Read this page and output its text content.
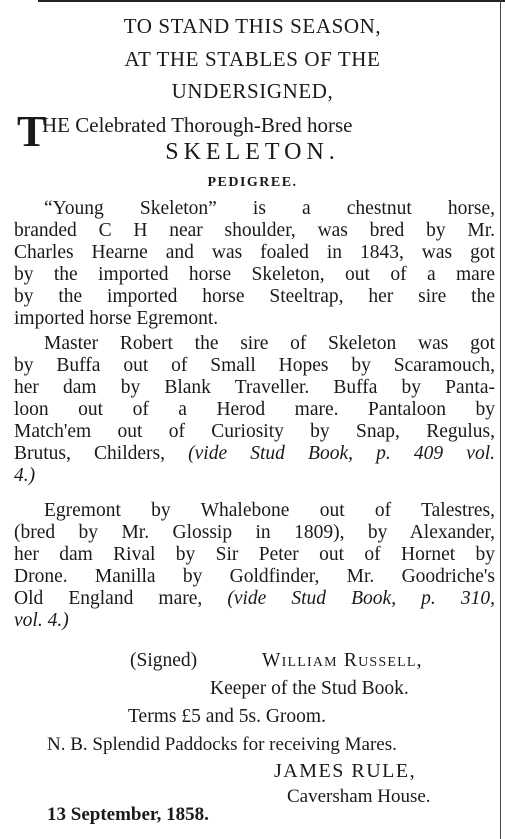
TO STAND THIS SEASON,
AT THE STABLES OF THE
UNDERSIGNED,
T
HE Celebrated Thorough-Bred horse
SKELETON.
PEDIGREE.
“Young Skeleton” is a chestnut horse,
branded C H near shoulder, was bred by Mr.
Charles Hearne and was foaled in 1843, was got
by the imported horse Skeleton, out of a mare
by the imported horse Steeltrap, her sire the
imported horse Egremont.
Master Robert the sire of Skeleton was got
by Buffa out of Small Hopes by Scaramouch,
her dam by Blank Traveller. Buffa by Panta-
loon out of a Herod mare. Pantaloon by
Match'em out of Curiosity by Snap, Regulus,
Brutus, Childers, (vide Stud Book, p. 409 vol.
4.)
Egremont by Whalebone out of Talestres,
(bred by Mr. Glossip in 1809), by Alexander,
her dam Rival by Sir Peter out of Hornet by
Drone. Manilla by Goldfinder, Mr. Goodriche's
Old England mare, (vide Stud Book, p. 310,
vol. 4.)
(Signed)	William Russell,
Keeper of the Stud Book.
Terms £5 and 5s. Groom.
N. B. Splendid Paddocks for receiving Mares.
JAMES RULE,
Caversham House.
13 September, 1858.
